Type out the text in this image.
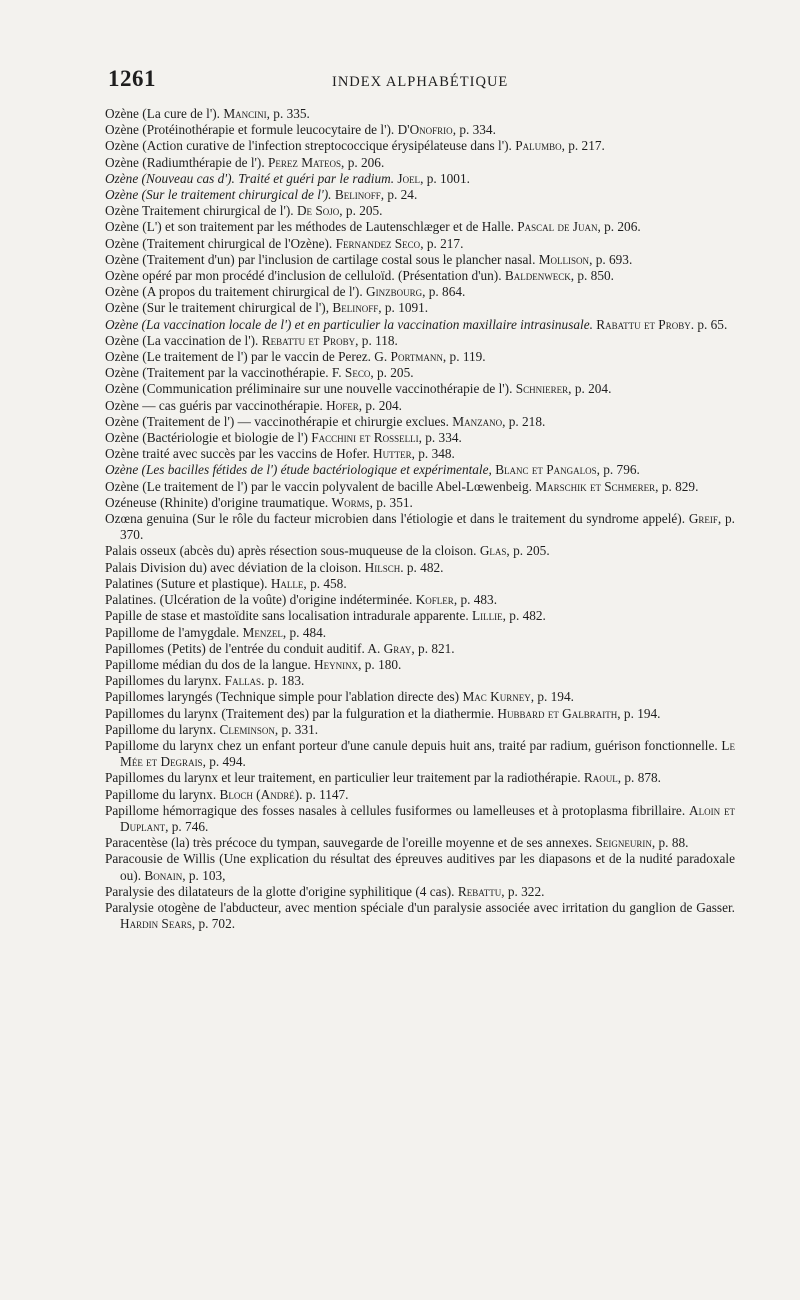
1261	INDEX ALPHABÉTIQUE

Ozène (La cure de l'). Mancini, p. 335.

Ozène (Protéinothérapie et formule leucocytaire de l'). D'Onofrio, p. 334.

Ozène (Action curative de l'infection streptococcique érysipélateuse dans l'). Palumbo, p. 217.

Ozène (Radiumthérapie de l'). Perez Mateos, p. 206.

Ozène (Nouveau cas d'). Traité et guéri par le radium. Joel, p. 1001.

Ozène (Sur le traitement chirurgical de l'). Belinoff, p. 24.

Ozène Traitement chirurgical de l'). De Sojo, p. 205.

Ozène (L') et son traitement par les méthodes de Lautenschlæger et de Halle. Pascal de Juan, p. 206.

Ozène (Traitement chirurgical de l'Ozène). Fernandez Seco, p. 217.

Ozène (Traitement d'un) par l'inclusion de cartilage costal sous le plancher nasal. Mollison, p. 693.

Ozène opéré par mon procédé d'inclusion de celluloïd. (Présentation d'un). Baldenweck, p. 850.

Ozène (A propos du traitement chirurgical de l'). Ginzbourg, p. 864.

Ozène (Sur le traitement chirurgical de l'), Belinoff, p. 1091.

Ozène (La vaccination locale de l') et en particulier la vaccination maxillaire intrasinusale. Rabattu et Proby. p. 65.

Ozène (La vaccination de l'). Rebattu et Proby, p. 118.

Ozène (Le traitement de l') par le vaccin de Perez. G. Portmann, p. 119.

Ozène (Traitement par la vaccinothérapie. F. Seco, p. 205.

Ozène (Communication préliminaire sur une nouvelle vaccinothérapie de l'). Schnierer, p. 204.

Ozène — cas guéris par vaccinothérapie. Hofer, p. 204.

Ozène (Traitement de l') — vaccinothérapie et chirurgie exclues. Manzano, p. 218.

Ozène (Bactériologie et biologie de l') Facchini et Rosselli, p. 334.

Ozène traité avec succès par les vaccins de Hofer. Hutter, p. 348.

Ozène (Les bacilles fétides de l') étude bactériologique et expérimentale, Blanc et Pangalos, p. 796.

Ozène (Le traitement de l') par le vaccin polyvalent de bacille Abel-Lœwenbeig. Marschik et Schmerer, p. 829.

Ozéneuse (Rhinite) d'origine traumatique. Worms, p. 351.

Ozœna genuina (Sur le rôle du facteur microbien dans l'étiologie et dans le traitement du syndrome appelé). Greif, p. 370.

Palais osseux (abcès du) après résection sous-muqueuse de la cloison. Glas, p. 205.

Palais Division du) avec déviation de la cloison. Hilsch. p. 482.

Palatines (Suture et plastique). Halle, p. 458.

Palatines. (Ulcération de la voûte) d'origine indéterminée. Kofler, p. 483.

Papille de stase et mastoïdite sans localisation intradurale apparente. Lillie, p. 482.

Papillome de l'amygdale. Menzel, p. 484.

Papillomes (Petits) de l'entrée du conduit auditif. A. Gray, p. 821.

Papillome médian du dos de la langue. Heyninx, p. 180.

Papillomes du larynx. Fallas. p. 183.

Papillomes laryngés (Technique simple pour l'ablation directe des) Mac Kurney, p. 194.

Papillomes du larynx (Traitement des) par la fulguration et la diathermie. Hubbard et Galbraith, p. 194.

Papillome du larynx. Cleminson, p. 331.

Papillome du larynx chez un enfant porteur d'une canule depuis huit ans, traité par radium, guérison fonctionnelle. Le Mée et Degrais, p. 494.

Papillomes du larynx et leur traitement, en particulier leur traitement par la radiothérapie. Raoul, p. 878.

Papillome du larynx. Bloch (André). p. 1147.

Papillome hémorragique des fosses nasales à cellules fusiformes ou lamelleuses et à protoplasma fibrillaire. Aloin et Duplant, p. 746.

Paracentèse (la) très précoce du tympan, sauvegarde de l'oreille moyenne et de ses annexes. Seigneurin, p. 88.

Paracousie de Willis (Une explication du résultat des épreuves auditives par les diapasons et de la nudité paradoxale ou). Bonain, p. 103,

Paralysie des dilatateurs de la glotte d'origine syphilitique (4 cas). Rebattu, p. 322.

Paralysie otogène de l'abducteur, avec mention spéciale d'un paralysie associée avec irritation du ganglion de Gasser. Hardin Sears, p. 702.
